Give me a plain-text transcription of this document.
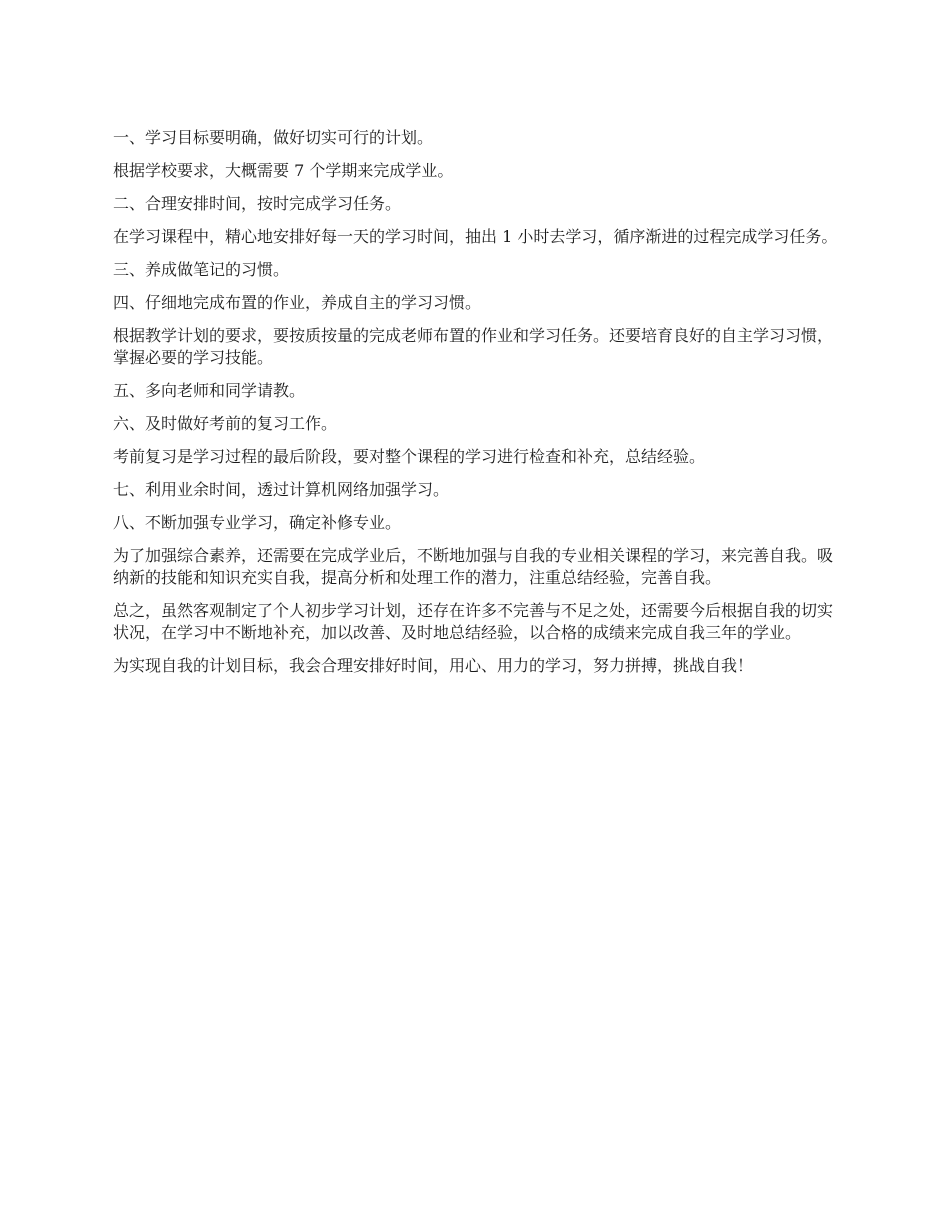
一、学习目标要明确，做好切实可行的计划。

根据学校要求，大概需要 7 个学期来完成学业。

二、合理安排时间，按时完成学习任务。

在学习课程中，精心地安排好每一天的学习时间，抽出 1 小时去学习，循序渐进的过程完成学习任务。

三、养成做笔记的习惯。

四、仔细地完成布置的作业，养成自主的学习习惯。

根据教学计划的要求，要按质按量的完成老师布置的作业和学习任务。还要培育良好的自主学习习惯，掌握必要的学习技能。

五、多向老师和同学请教。

六、及时做好考前的复习工作。

考前复习是学习过程的最后阶段，要对整个课程的学习进行检查和补充，总结经验。

七、利用业余时间，透过计算机网络加强学习。

八、不断加强专业学习，确定补修专业。

为了加强综合素养，还需要在完成学业后，不断地加强与自我的专业相关课程的学习，来完善自我。吸纳新的技能和知识充实自我，提高分析和处理工作的潜力，注重总结经验，完善自我。

总之，虽然客观制定了个人初步学习计划，还存在许多不完善与不足之处，还需要今后根据自我的切实状况，在学习中不断地补充，加以改善、及时地总结经验，以合格的成绩来完成自我三年的学业。

为实现自我的计划目标，我会合理安排好时间，用心、用力的学习，努力拼搏，挑战自我！
